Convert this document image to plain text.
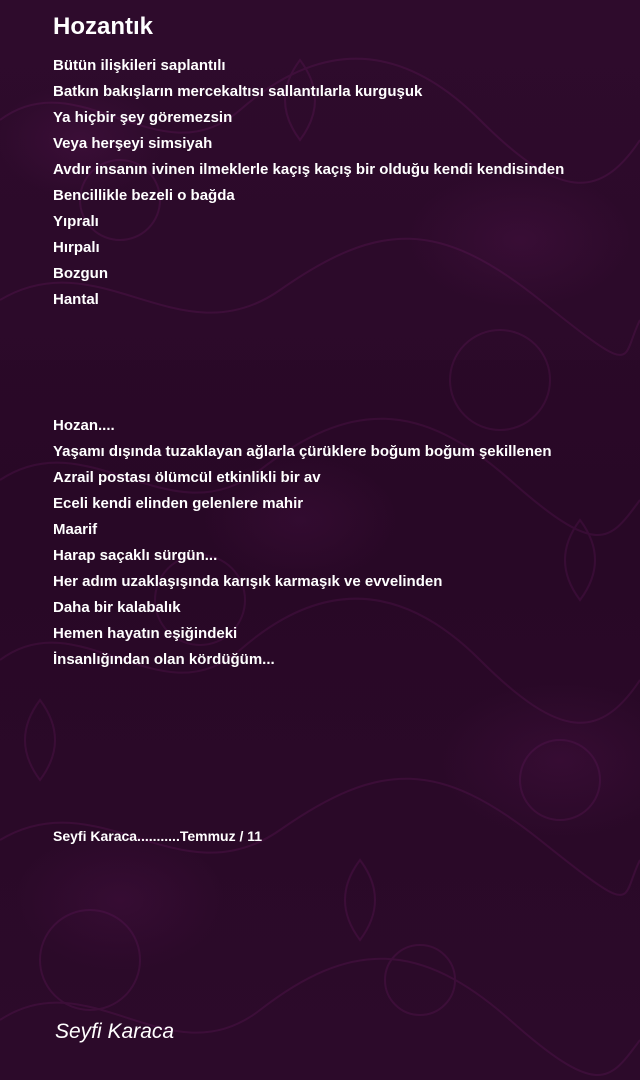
Hozantık
Bütün ilişkileri saplantılı
Batkın bakışların mercekaltısı sallantılarla kurguşuk
Ya hiçbir şey göremezsin
Veya herşeyi simsiyah
Avdır insanın ivinen ilmeklerle kaçış kaçış bir olduğu kendi kendisinden
Bencillikle bezeli o bağda
Yıpralı
Hırpalı
Bozgun
Hantal
Hozan....
Yaşamı dışında tuzaklayan ağlarla çürüklere boğum boğum şekillenen
Azrail postası ölümcül etkinlikli bir av
Eceli kendi elinden gelenlere mahir
Maarif
Harap saçaklı sürgün...
Her adım uzaklaşışında karışık karmaşık ve evvelinden
Daha bir kalabalık
Hemen hayatın eşiğindeki
İnsanlığından olan kördüğüm...
Seyfi Karaca...........Temmuz / 11
Seyfi Karaca
